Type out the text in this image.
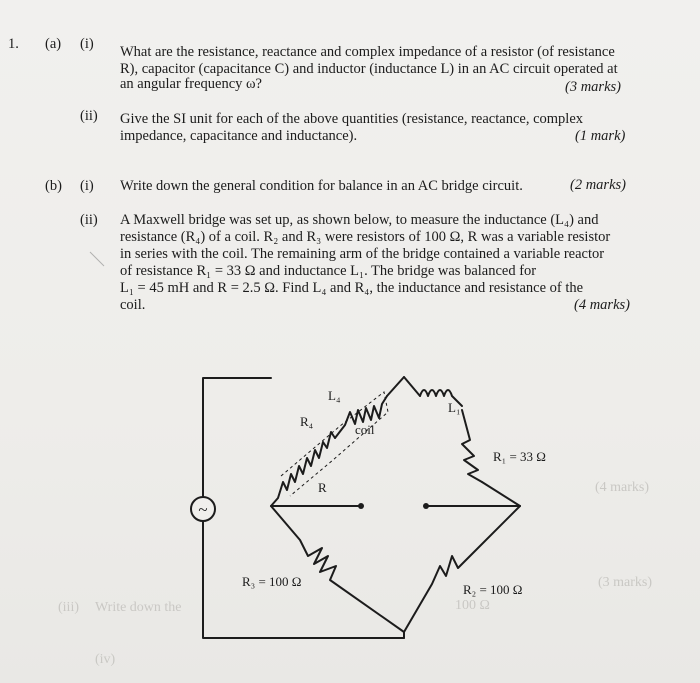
1. (a) (i) What are the resistance, reactance and complex impedance of a resistor (of resistance
R), capacitor (capacitance C) and inductor (inductance L) in an AC circuit operated at
an angular frequency ω?	(3 marks)
(ii) Give the SI unit for each of the above quantities (resistance, reactance, complex
impedance, capacitance and inductance).	(1 mark)
(b) (i) Write down the general condition for balance in an AC bridge circuit.	(2 marks)
(ii) A Maxwell bridge was set up, as shown below, to measure the inductance (L₄) and
resistance (R₄) of a coil. R₂ and R₃ were resistors of 100 Ω, R was a variable resistor
in series with the coil. The remaining arm of the bridge contained a variable reactor
of resistance R₁ = 33 Ω and inductance L₁. The bridge was balanced for
L₁ = 45 mH and R = 2.5 Ω. Find L₄ and R₄, the inductance and resistance of the
coil.	(4 marks)
(iii) Write down the
(iv)
(4 marks)
(3 marks)
100 Ω
~
L₄
R₄
coil
R
L₁
R₁ = 33 Ω
R₃ = 100 Ω
R₂ = 100 Ω
